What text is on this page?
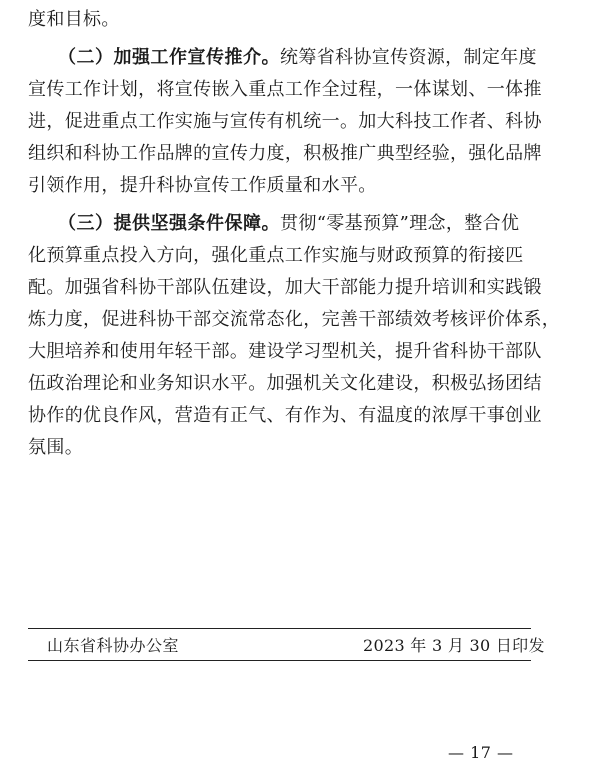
度和目标。
（二）加强工作宣传推介。统筹省科协宣传资源，制定年度
宣传工作计划，将宣传嵌入重点工作全过程，一体谋划、一体推
进，促进重点工作实施与宣传有机统一。加大科技工作者、科协
组织和科协工作品牌的宣传力度，积极推广典型经验，强化品牌
引领作用，提升科协宣传工作质量和水平。
（三）提供坚强条件保障。贯彻“零基预算”理念，整合优
化预算重点投入方向，强化重点工作实施与财政预算的衔接匹
配。加强省科协干部队伍建设，加大干部能力提升培训和实践锻
炼力度，促进科协干部交流常态化，完善干部绩效考核评价体系，
大胆培养和使用年轻干部。建设学习型机关，提升省科协干部队
伍政治理论和业务知识水平。加强机关文化建设，积极弘扬团结
协作的优良作风，营造有正气、有作为、有温度的浓厚干事创业
氛围。
山东省科协办公室	2023 年 3 月 30 日印发
— 17 —
